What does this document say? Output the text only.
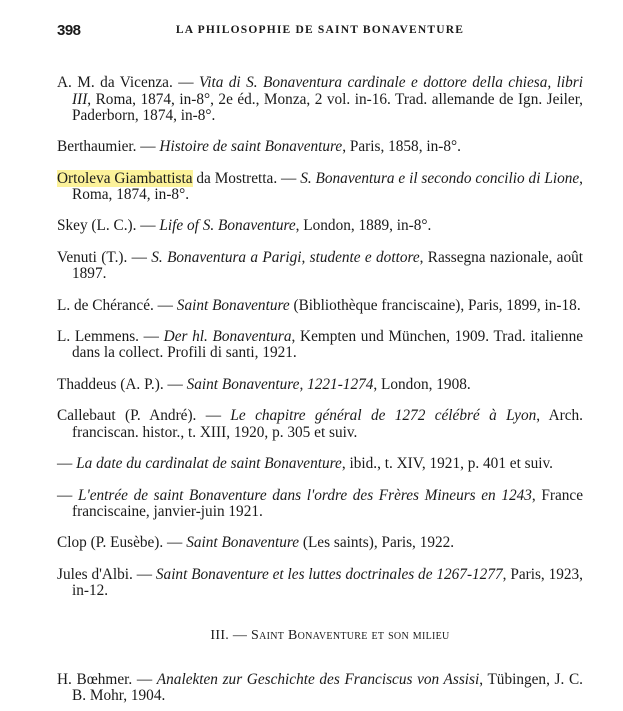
398	LA PHILOSOPHIE DE SAINT BONAVENTURE

A. M. da Vicenza. — Vita di S. Bonaventura cardinale e dottore della chiesa, libri III, Roma, 1874, in-8°, 2e éd., Monza, 2 vol. in-16. Trad. allemande de Ign. Jeiler, Paderborn, 1874, in-8°.

Berthaumier. — Histoire de saint Bonaventure, Paris, 1858, in-8°.

Ortoleva Giambattista da Mostretta. — S. Bonaventura e il secondo concilio di Lione, Roma, 1874, in-8°.

Skey (L. C.). — Life of S. Bonaventure, London, 1889, in-8°.

Venuti (T.). — S. Bonaventura a Parigi, studente e dottore, Rassegna nazionale, août 1897.

L. de Chérancé. — Saint Bonaventure (Bibliothèque franciscaine), Paris, 1899, in-18.

L. Lemmens. — Der hl. Bonaventura, Kempten und München, 1909. Trad. italienne dans la collect. Profili di santi, 1921.

Thaddeus (A. P.). — Saint Bonaventure, 1221-1274, London, 1908.

Callebaut (P. André). — Le chapitre général de 1272 célébré à Lyon, Arch. franciscan. histor., t. XIII, 1920, p. 305 et suiv.

— La date du cardinalat de saint Bonaventure, ibid., t. XIV, 1921, p. 401 et suiv.

— L'entrée de saint Bonaventure dans l'ordre des Frères Mineurs en 1243, France franciscaine, janvier-juin 1921.

Clop (P. Eusèbe). — Saint Bonaventure (Les saints), Paris, 1922.

Jules d'Albi. — Saint Bonaventure et les luttes doctrinales de 1267-1277, Paris, 1923, in-12.

III. — Saint Bonaventure et son milieu

H. Bœhmer. — Analekten zur Geschichte des Franciscus von Assisi, Tübingen, J. C. B. Mohr, 1904.
